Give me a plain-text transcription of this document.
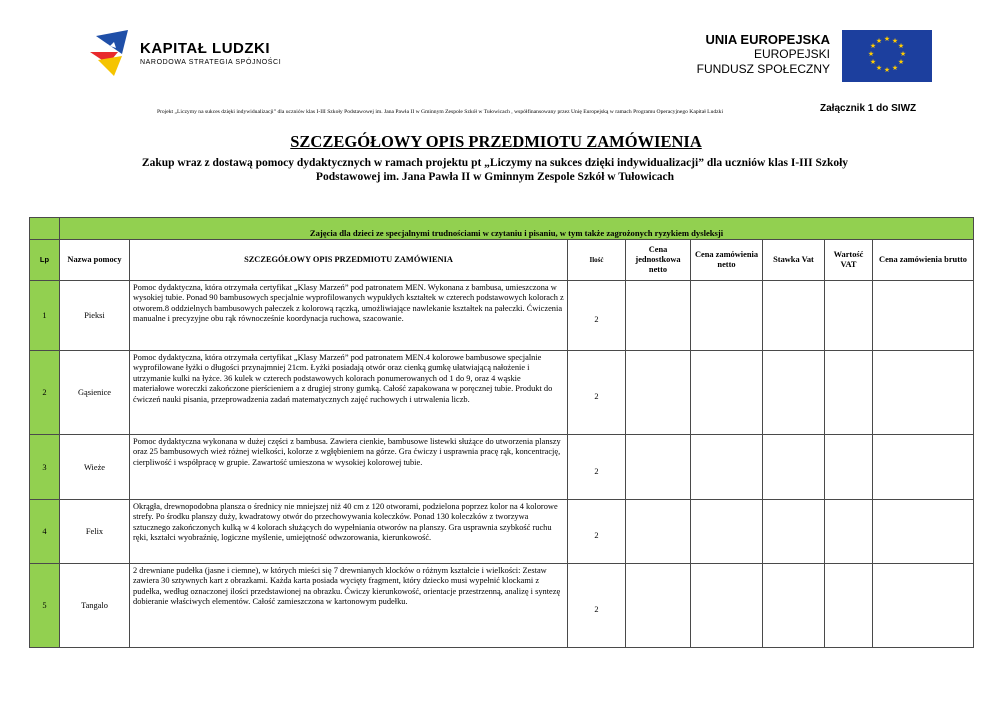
KAPITAŁ LUDZKI
NARODOWA STRATEGIA SPÓJNOŚCI
UNIA EUROPEJSKA
EUROPEJSKI
FUNDUSZ SPOŁECZNY
★ ★
★
★
★
★
★
★
★
★
★
★
Projekt „Liczymy na sukces dzięki indywidualizacji” dla uczniów klas I-III Szkoły Podstawowej im. Jana Pawła II w Gminnym Zespole Szkół w Tułowicach , współfinansowany przez Unię Europejską w ramach Programu Operacyjnego Kapitał Ludzki	Załącznik 1 do SIWZ
SZCZEGÓŁOWY OPIS PRZEDMIOTU ZAMÓWIENIA
Zakup wraz z dostawą pomocy dydaktycznych w ramach projektu pt „Liczymy na sukces dzięki indywidualizacji” dla uczniów klas I-III Szkoły Podstawowej im. Jana Pawła II w Gminnym Zespole Szkół w Tułowicach
	Zajęcia dla dzieci ze specjalnymi trudnościami w czytaniu i pisaniu, w tym także zagrożonych ryzykiem dysleksji							
Lp	Nazwa pomocy	SZCZEGÓŁOWY OPIS PRZEDMIOTU ZAMÓWIENIA	Ilość	Cena jednostkowa netto	Cena zamówienia netto	Stawka Vat	Wartość VAT	Cena zamówienia brutto
1	Pieksi	Pomoc dydaktyczna, która otrzymała certyfikat „Klasy Marzeń” pod patronatem MEN. Wykonana z bambusa, umieszczona w wysokiej tubie. Ponad 90 bambusowych specjalnie wyprofilowanych wypukłych kształtek w czterech podstawowych kolorach z otworem.8 oddzielnych bambusowych pałeczek z kolorową rączką, umożliwiające nawlekanie kształtek na pałeczki. Ćwiczenia manualne i precyzyjne obu rąk równocześnie koordynacja ruchowa, szacowanie.	2					
2	Gąsienice	Pomoc dydaktyczna, która otrzymała certyfikat „Klasy Marzeń” pod patronatem MEN.4 kolorowe bambusowe specjalnie wyprofilowane łyżki o długości przynajmniej 21cm. Łyżki posiadają otwór oraz cienką gumkę ułatwiającą nałożenie i utrzymanie kulki na łyżce. 36 kulek w czterech podstawowych kolorach ponumerowanych od 1 do 9, oraz 4 wąskie materiałowe woreczki zakończone pierścieniem a z drugiej strony gumką. Całość zapakowana w poręcznej tubie. Produkt do ćwiczeń nauki pisania, przeprowadzenia zadań matematycznych zajęć ruchowych i utrwalenia liczb.	2					
3	Wieże	Pomoc dydaktyczna wykonana w dużej części z bambusa. Zawiera cienkie, bambusowe listewki służące do utworzenia planszy oraz 25 bambusowych wież różnej wielkości, kolorze z wgłębieniem na górze. Gra ćwiczy i usprawnia pracę rąk, koncentrację, cierpliwość i współpracę w grupie. Zawartość umieszona w wysokiej kolorowej tubie.	2					
4	Felix	Okrągła, drewnopodobna plansza o średnicy nie mniejszej niż 40 cm z 120 otworami, podzielona poprzez kolor na 4 kolorowe strefy. Po środku planszy duży, kwadratowy otwór do przechowywania koleczków. Ponad 130 koleczków z tworzywa sztucznego zakończonych kulką w 4 kolorach służących do wypełniania otworów na planszy. Gra usprawnia szybkość ruchu ręki, kształci wyobraźnię, logiczne myślenie, umiejętność odwzorowania, kierunkowość.	2					
5	Tangalo	2 drewniane pudełka (jasne i ciemne), w których mieści się 7 drewnianych klocków o różnym kształcie i wielkości: Zestaw zawiera 30 sztywnych kart z obrazkami. Każda karta posiada wycięty fragment, który dziecko musi wypełnić klockami z pudełka, według oznaczonej ilości przedstawionej na obrazku. Ćwiczy kierunkowość, orientacje przestrzenną, analizę i syntezę dobieranie właściwych elementów. Całość zamieszczona w kartonowym pudełku.	2					
